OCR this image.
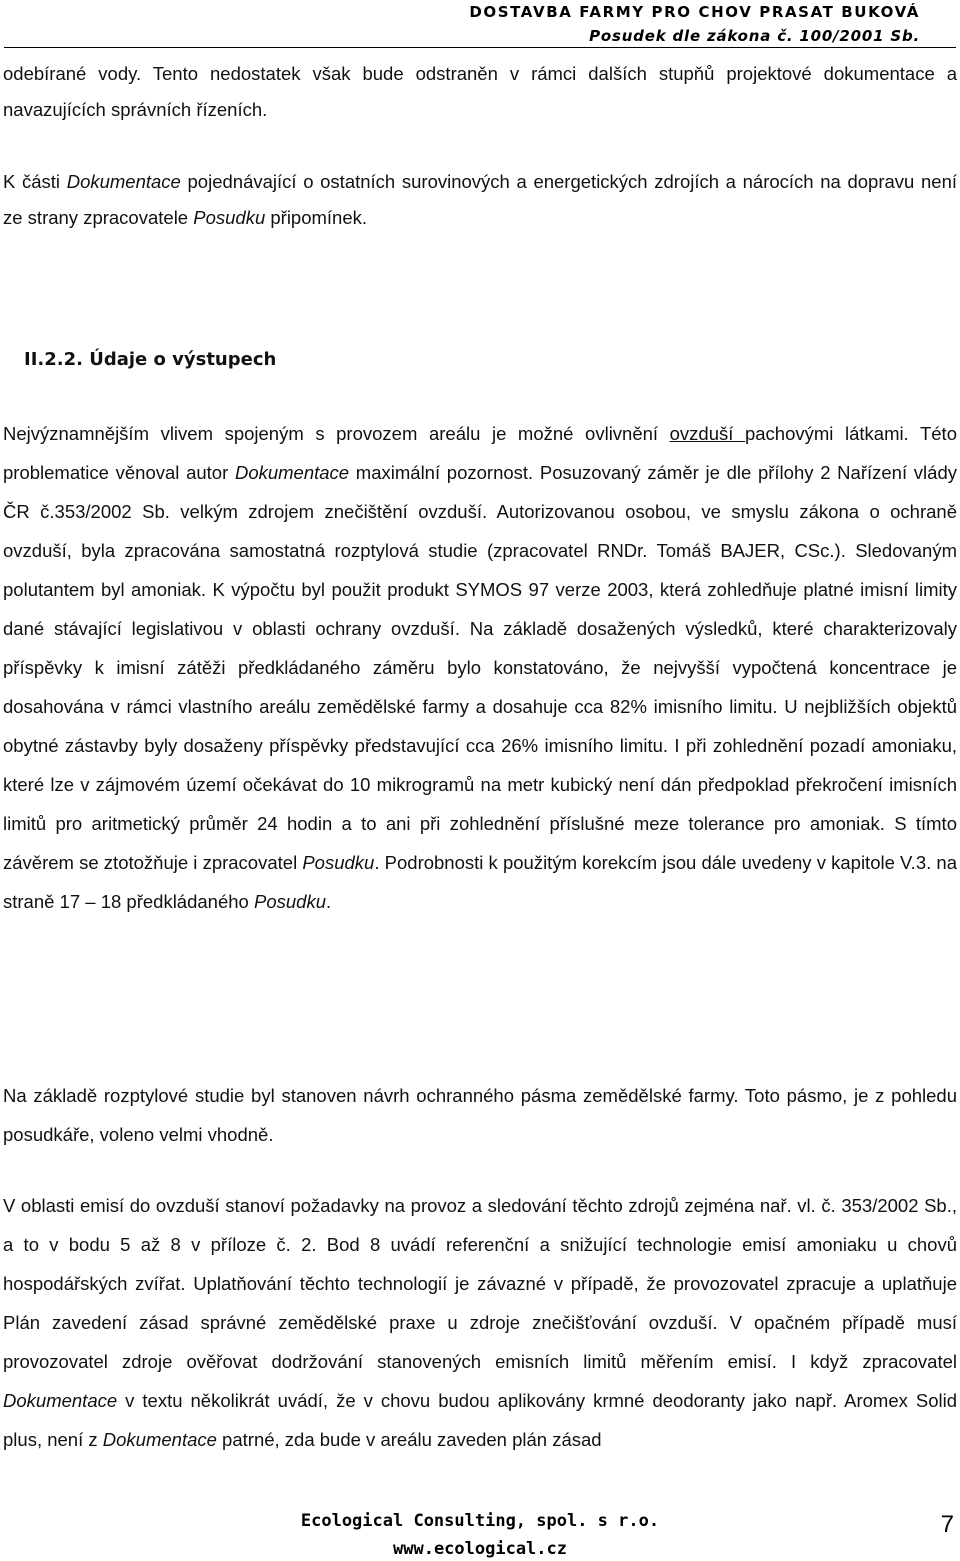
DOSTAVBA FARMY PRO CHOV PRASAT BUKOVÁ
Posudek dle zákona č. 100/2001 Sb.

odebírané vody. Tento nedostatek však bude odstraněn v rámci dalších stupňů projektové dokumentace a navazujících správních řízeních.

K části Dokumentace pojednávající o ostatních surovinových a energetických zdrojích a nárocích na dopravu není ze strany zpracovatele Posudku připomínek.

II.2.2. Údaje o výstupech

Nejvýznamnějším vlivem spojeným s provozem areálu je možné ovlivnění ovzduší pachovými látkami. Této problematice věnoval autor Dokumentace maximální pozornost. Posuzovaný záměr je dle přílohy 2 Nařízení vlády ČR č.353/2002 Sb. velkým zdrojem znečištění ovzduší. Autorizovanou osobou, ve smyslu zákona o ochraně ovzduší, byla zpracována samostatná rozptylová studie (zpracovatel RNDr. Tomáš BAJER, CSc.). Sledovaným polutantem byl amoniak. K výpočtu byl použit produkt SYMOS 97 verze 2003, která zohledňuje platné imisní limity dané stávající legislativou v oblasti ochrany ovzduší. Na základě dosažených výsledků, které charakterizovaly příspěvky k imisní zátěži předkládaného záměru bylo konstatováno, že nejvyšší vypočtená koncentrace je dosahována v rámci vlastního areálu zemědělské farmy a dosahuje cca 82% imisního limitu. U nejbližších objektů obytné zástavby byly dosaženy příspěvky představující cca 26% imisního limitu. I při zohlednění pozadí amoniaku, které lze v zájmovém území očekávat do 10 mikrogramů na metr kubický není dán předpoklad překročení imisních limitů pro aritmetický průměr 24 hodin a to ani při zohlednění příslušné meze tolerance pro amoniak. S tímto závěrem se ztotožňuje i zpracovatel Posudku. Podrobnosti k použitým korekcím jsou dále uvedeny v kapitole V.3. na straně 17 – 18 předkládaného Posudku.

Na základě rozptylové studie byl stanoven návrh ochranného pásma zemědělské farmy. Toto pásmo, je z pohledu posudkáře, voleno velmi vhodně.

V oblasti emisí do ovzduší stanoví požadavky na provoz a sledování těchto zdrojů zejména nař. vl. č. 353/2002 Sb., a to v bodu 5 až 8 v příloze č. 2. Bod 8 uvádí referenční a snižující technologie emisí amoniaku u chovů hospodářských zvířat. Uplatňování těchto technologií je závazné v případě, že provozovatel zpracuje a uplatňuje Plán zavedení zásad správné zemědělské praxe u zdroje znečišťování ovzduší. V opačném případě musí provozovatel zdroje ověřovat dodržování stanovených emisních limitů měřením emisí. I když zpracovatel Dokumentace v textu několikrát uvádí, že v chovu budou aplikovány krmné deodoranty jako např. Aromex Solid plus, není z Dokumentace patrné, zda bude v areálu zaveden plán zásad

Ecological Consulting, spol. s r.o.
www.ecological.cz
7
